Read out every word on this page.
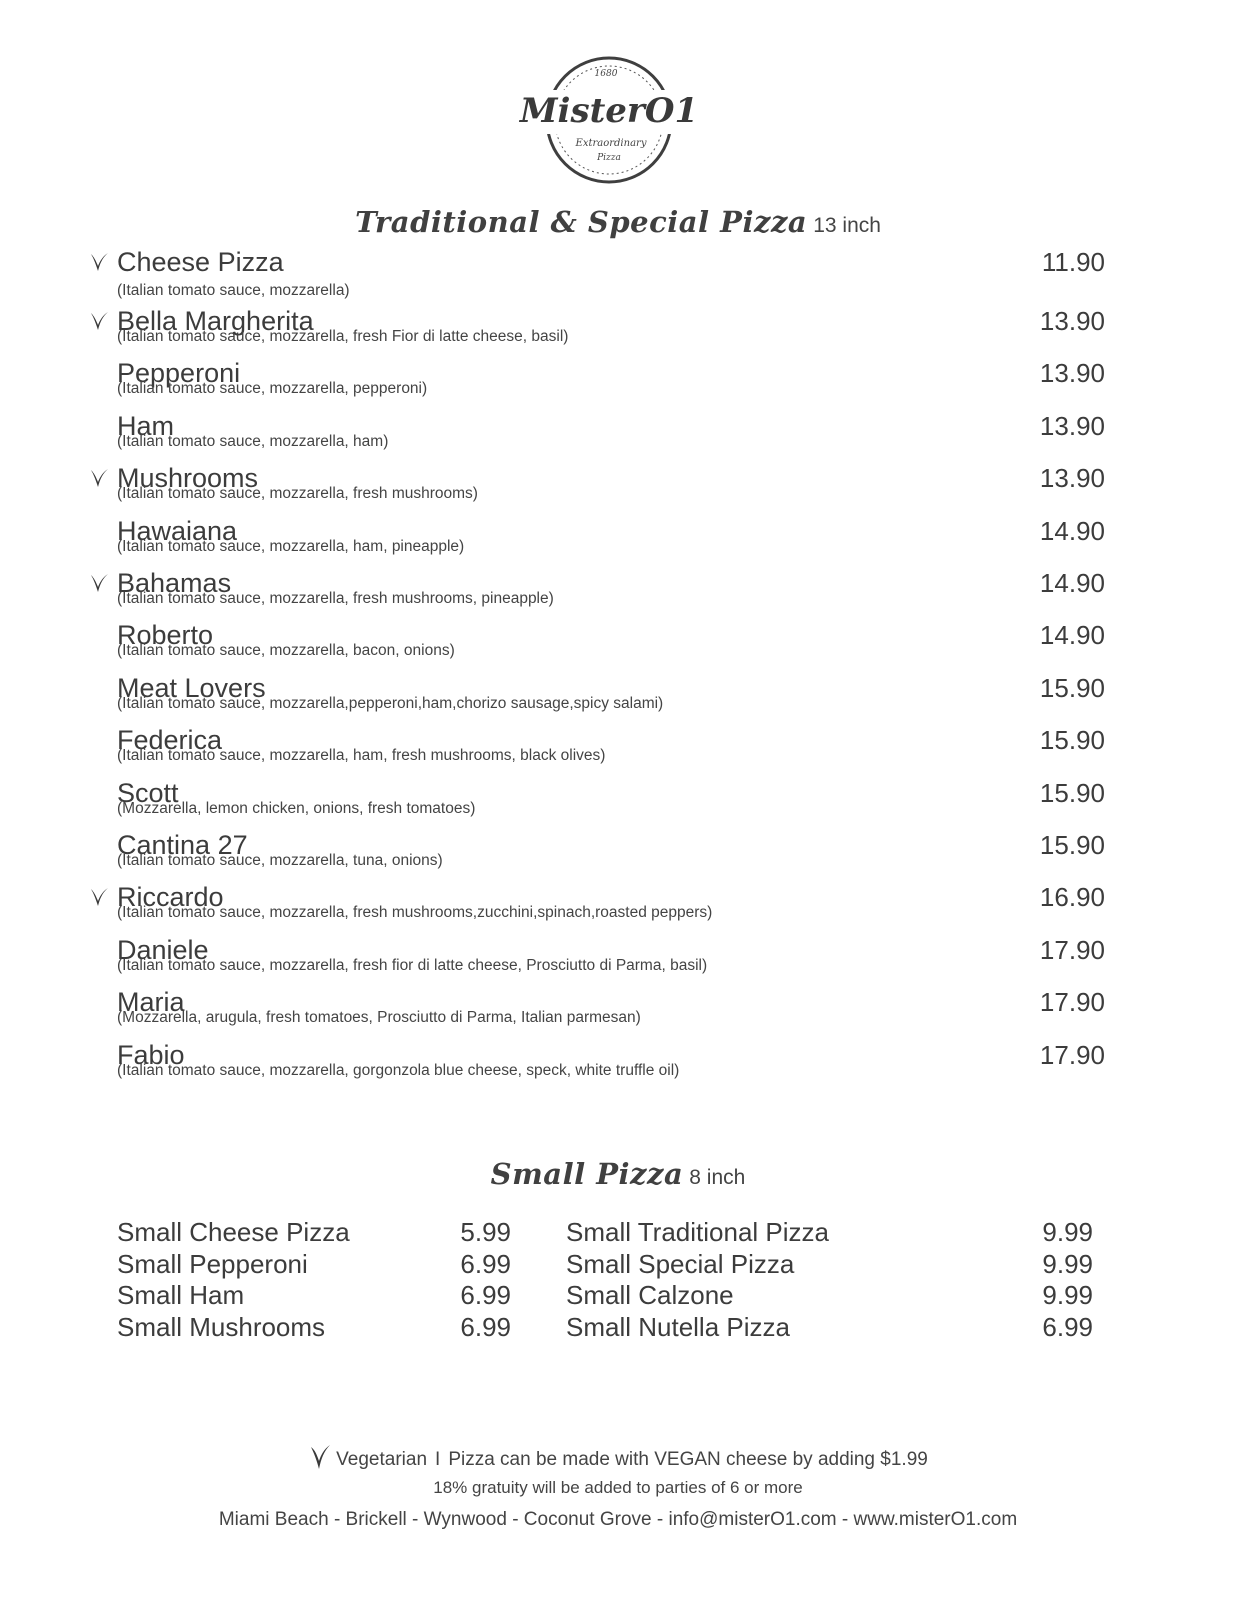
1680
MisterO1
Extraordinary
Pizza
Traditional & Special Pizza 13 inch
Cheese Pizza	11.90
(Italian tomato sauce, mozzarella)
Bella Margherita	13.90
(Italian tomato sauce, mozzarella, fresh Fior di latte cheese, basil)
Pepperoni	13.90
(Italian tomato sauce, mozzarella, pepperoni)
Ham	13.90
(Italian tomato sauce, mozzarella, ham)
Mushrooms	13.90
(Italian tomato sauce, mozzarella, fresh mushrooms)
Hawaiana	14.90
(Italian tomato sauce, mozzarella, ham, pineapple)
Bahamas	14.90
(Italian tomato sauce, mozzarella, fresh mushrooms, pineapple)
Roberto	14.90
(Italian tomato sauce, mozzarella, bacon, onions)
Meat Lovers	15.90
(Italian tomato sauce, mozzarella,pepperoni,ham,chorizo sausage,spicy salami)
Federica	15.90
(Italian tomato sauce, mozzarella, ham, fresh mushrooms, black olives)
Scott	15.90
(Mozzarella, lemon chicken, onions, fresh tomatoes)
Cantina 27	15.90
(Italian tomato sauce, mozzarella, tuna, onions)
Riccardo	16.90
(Italian tomato sauce, mozzarella, fresh mushrooms,zucchini,spinach,roasted peppers)
Daniele	17.90
(Italian tomato sauce, mozzarella, fresh fior di latte cheese, Prosciutto di Parma, basil)
Maria	17.90
(Mozzarella, arugula, fresh tomatoes, Prosciutto di Parma, Italian parmesan)
Fabio	17.90
(Italian tomato sauce, mozzarella, gorgonzola blue cheese, speck, white truffle oil)
Small Pizza 8 inch
Small Cheese Pizza	5.99
Small Pepperoni	6.99
Small Ham	6.99
Small Mushrooms	6.99
Small Traditional Pizza	9.99
Small Special Pizza	9.99
Small Calzone	9.99
Small Nutella Pizza	6.99
Vegetarian I Pizza can be made with VEGAN cheese by adding $1.99
18% gratuity will be added to parties of 6 or more
Miami Beach - Brickell - Wynwood - Coconut Grove - info@misterO1.com - www.misterO1.com
